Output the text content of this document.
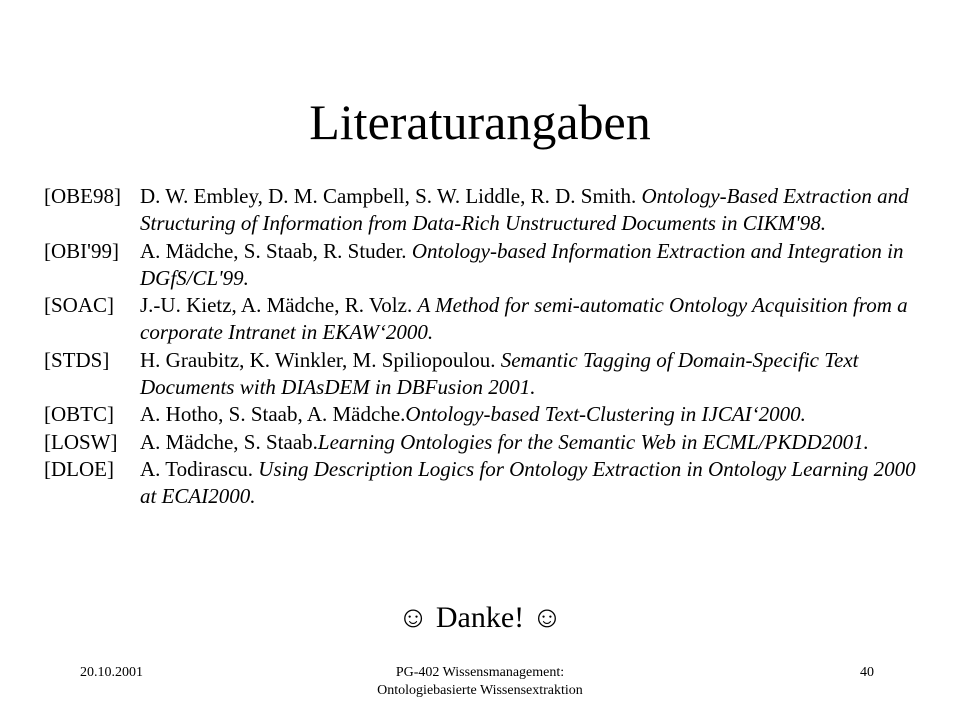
Literaturangaben
[OBE98] D. W. Embley, D. M. Campbell, S. W. Liddle, R. D. Smith. Ontology-Based Extraction and Structuring of Information from Data-Rich Unstructured Documents in CIKM'98.
[OBI'99]	A. Mädche, S. Staab, R. Studer. Ontology-based Information Extraction and Integration in DGfS/CL'99.
[SOAC]	J.-U. Kietz, A. Mädche, R. Volz. A Method for semi-automatic Ontology Acquisition from a corporate Intranet in EKAW‘2000.
[STDS]	H. Graubitz, K. Winkler, M. Spiliopoulou. Semantic Tagging of Domain-Specific Text Documents with DIAsDEM in DBFusion 2001.
[OBTC]	A. Hotho, S. Staab, A. Mädche.Ontology-based Text-Clustering in IJCAI‘2000.
[LOSW]	A. Mädche, S. Staab.Learning Ontologies for the Semantic Web in ECML/PKDD2001.
[DLOE]	A. Todirascu. Using Description Logics for Ontology Extraction in Ontology Learning 2000 at ECAI2000.
☺ Danke! ☺
20.10.2001	PG-402 Wissensmanagement:
Ontologiebasierte Wissensextraktion
40
